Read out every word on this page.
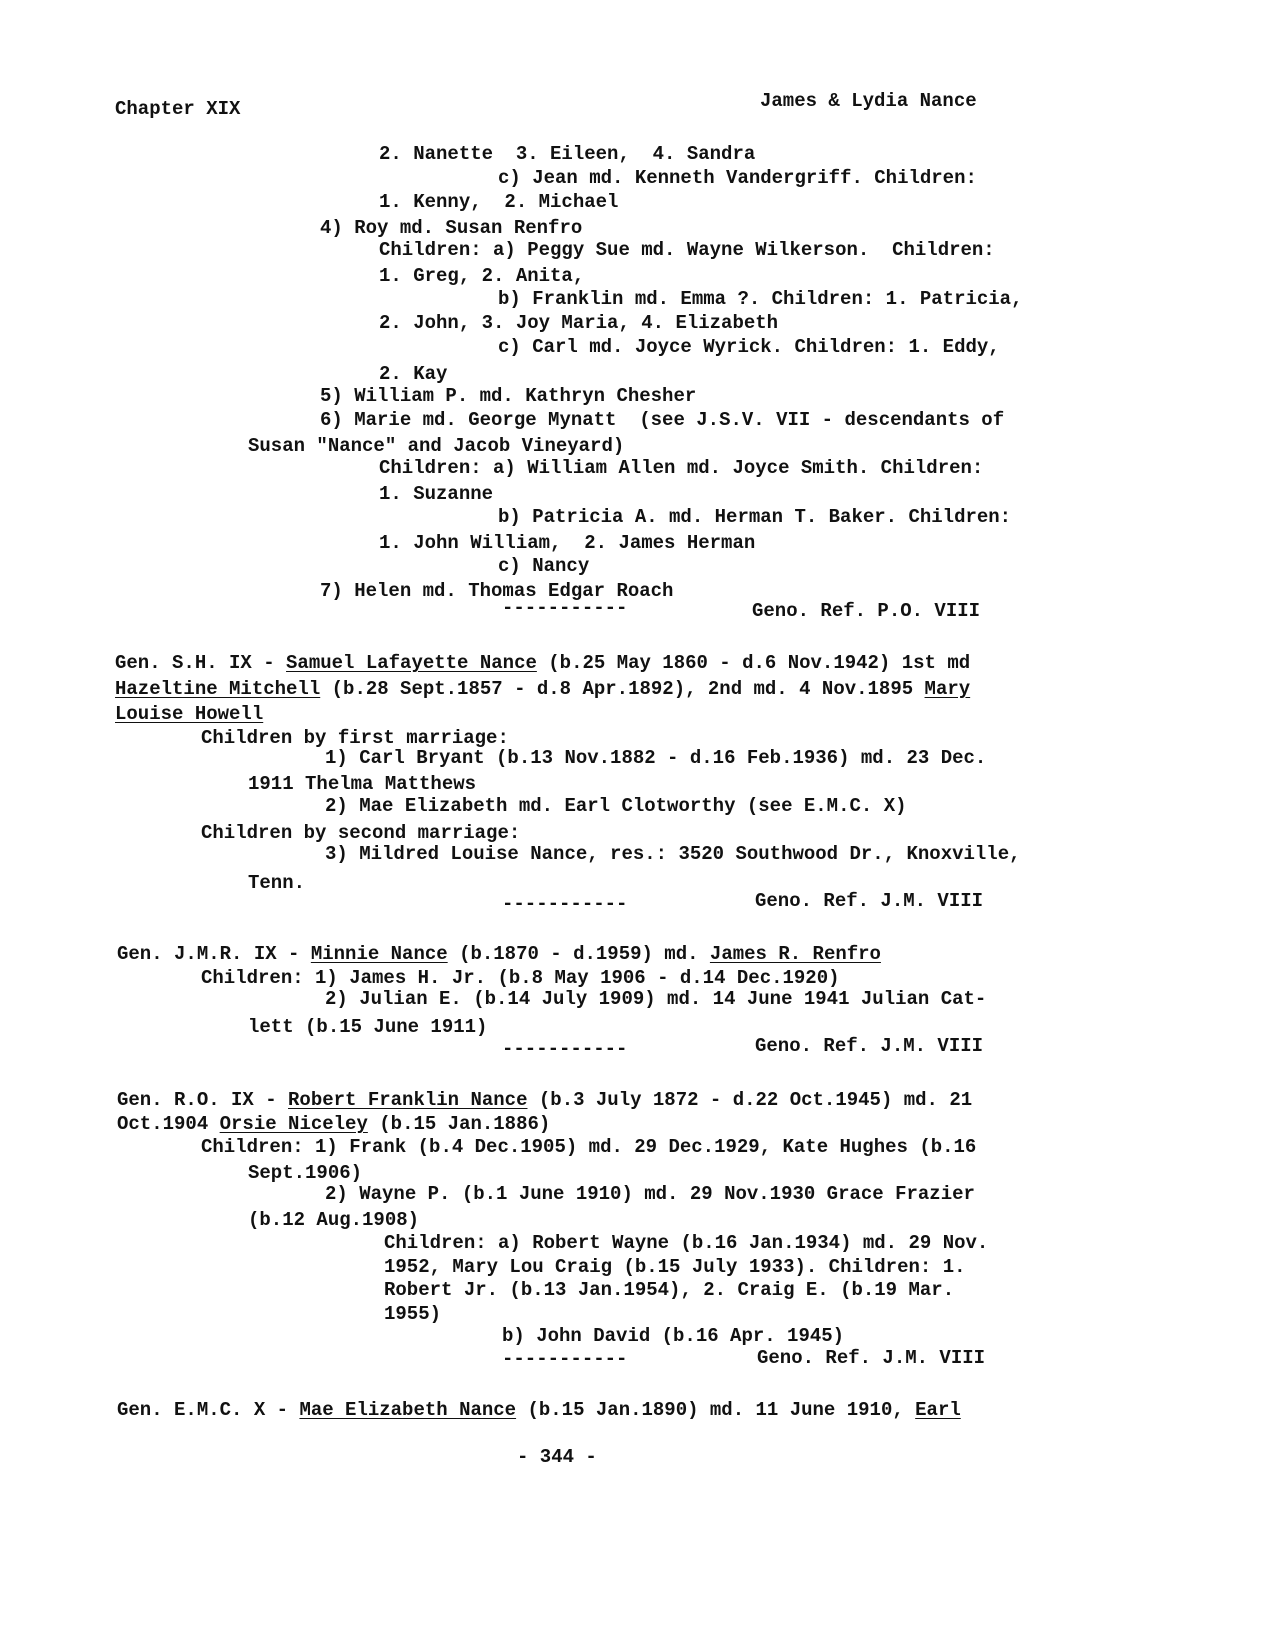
Chapter XIX	James & Lydia Nance
2. Nanette  3. Eileen,  4. Sandra
c) Jean md. Kenneth Vandergriff. Children:
1. Kenny,  2. Michael
4) Roy md. Susan Renfro
Children: a) Peggy Sue md. Wayne Wilkerson.  Children:
1. Greg, 2. Anita,
b) Franklin md. Emma ?. Children: 1. Patricia,
2. John, 3. Joy Maria, 4. Elizabeth
c) Carl md. Joyce Wyrick. Children: 1. Eddy,
2. Kay
5) William P. md. Kathryn Chesher
6) Marie md. George Mynatt  (see J.S.V. VII - descendants of
Susan "Nance" and Jacob Vineyard)
Children: a) William Allen md. Joyce Smith. Children:
1. Suzanne
b) Patricia A. md. Herman T. Baker. Children:
1. John William,  2. James Herman
c) Nancy
7) Helen md. Thomas Edgar Roach
-----------	Geno. Ref. P.O. VIII
Gen. S.H. IX - Samuel Lafayette Nance (b.25 May 1860 - d.6 Nov.1942) 1st md
Hazeltine Mitchell (b.28 Sept.1857 - d.8 Apr.1892), 2nd md. 4 Nov.1895 Mary
Louise Howell
Children by first marriage:
1) Carl Bryant (b.13 Nov.1882 - d.16 Feb.1936) md. 23 Dec.
1911 Thelma Matthews
2) Mae Elizabeth md. Earl Clotworthy (see E.M.C. X)
Children by second marriage:
3) Mildred Louise Nance, res.: 3520 Southwood Dr., Knoxville,
Tenn.
-----------	Geno. Ref. J.M. VIII
Gen. J.M.R. IX - Minnie Nance (b.1870 - d.1959) md. James R. Renfro
Children: 1) James H. Jr. (b.8 May 1906 - d.14 Dec.1920)
2) Julian E. (b.14 July 1909) md. 14 June 1941 Julian Cat-
lett (b.15 June 1911)
-----------	Geno. Ref. J.M. VIII
Gen. R.O. IX - Robert Franklin Nance (b.3 July 1872 - d.22 Oct.1945) md. 21
Oct.1904 Orsie Niceley (b.15 Jan.1886)
Children: 1) Frank (b.4 Dec.1905) md. 29 Dec.1929, Kate Hughes (b.16
Sept.1906)
2) Wayne P. (b.1 June 1910) md. 29 Nov.1930 Grace Frazier
(b.12 Aug.1908)
Children: a) Robert Wayne (b.16 Jan.1934) md. 29 Nov.
1952, Mary Lou Craig (b.15 July 1933). Children: 1.
Robert Jr. (b.13 Jan.1954), 2. Craig E. (b.19 Mar.
1955)
b) John David (b.16 Apr. 1945)
-----------	Geno. Ref. J.M. VIII
Gen. E.M.C. X - Mae Elizabeth Nance (b.15 Jan.1890) md. 11 June 1910, Earl
- 344 -
